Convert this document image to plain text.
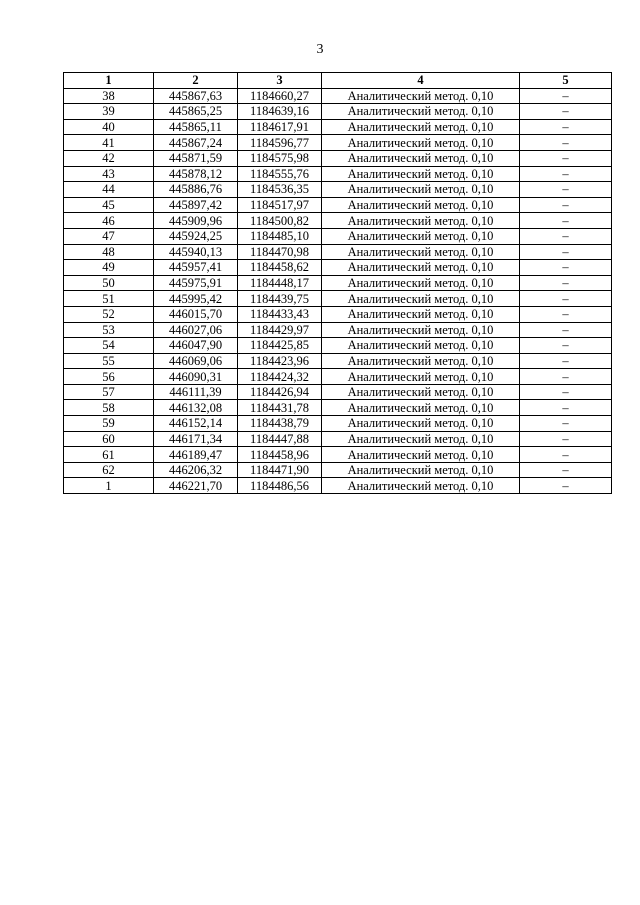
3
1	2	3	4	5
38	445867,63	1184660,27	Аналитический метод. 0,10	–
39	445865,25	1184639,16	Аналитический метод. 0,10	–
40	445865,11	1184617,91	Аналитический метод. 0,10	–
41	445867,24	1184596,77	Аналитический метод. 0,10	–
42	445871,59	1184575,98	Аналитический метод. 0,10	–
43	445878,12	1184555,76	Аналитический метод. 0,10	–
44	445886,76	1184536,35	Аналитический метод. 0,10	–
45	445897,42	1184517,97	Аналитический метод. 0,10	–
46	445909,96	1184500,82	Аналитический метод. 0,10	–
47	445924,25	1184485,10	Аналитический метод. 0,10	–
48	445940,13	1184470,98	Аналитический метод. 0,10	–
49	445957,41	1184458,62	Аналитический метод. 0,10	–
50	445975,91	1184448,17	Аналитический метод. 0,10	–
51	445995,42	1184439,75	Аналитический метод. 0,10	–
52	446015,70	1184433,43	Аналитический метод. 0,10	–
53	446027,06	1184429,97	Аналитический метод. 0,10	–
54	446047,90	1184425,85	Аналитический метод. 0,10	–
55	446069,06	1184423,96	Аналитический метод. 0,10	–
56	446090,31	1184424,32	Аналитический метод. 0,10	–
57	446111,39	1184426,94	Аналитический метод. 0,10	–
58	446132,08	1184431,78	Аналитический метод. 0,10	–
59	446152,14	1184438,79	Аналитический метод. 0,10	–
60	446171,34	1184447,88	Аналитический метод. 0,10	–
61	446189,47	1184458,96	Аналитический метод. 0,10	–
62	446206,32	1184471,90	Аналитический метод. 0,10	–
1	446221,70	1184486,56	Аналитический метод. 0,10	–
